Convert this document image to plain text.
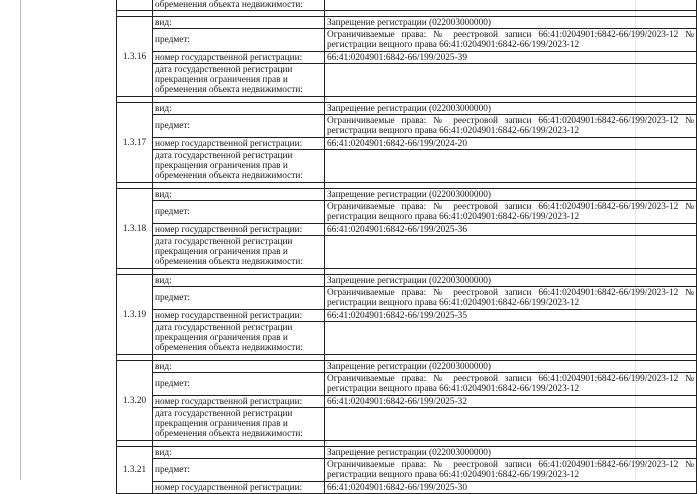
	обременения объекта недвижимости:	

1.3.16	вид:	Запрещение регистрации (022003000000)
	предмет:	Ограничиваемые права: № реестровой записи 66:41:0204901:6842-66/199/2023-12 № регистрации вещного права 66:41:0204901:6842-66/199/2023-12
	номер государственной регистрации:	66:41:0204901:6842-66/199/2025-39
	дата государственной регистрации прекращения ограничения прав и обременения объекта недвижимости:	

1.3.17	вид:	Запрещение регистрации (022003000000)
	предмет:	Ограничиваемые права: № реестровой записи 66:41:0204901:6842-66/199/2023-12 № регистрации вещного права 66:41:0204901:6842-66/199/2023-12
	номер государственной регистрации:	66:41:0204901:6842-66/199/2024-20
	дата государственной регистрации прекращения ограничения прав и обременения объекта недвижимости:	

1.3.18	вид:	Запрещение регистрации (022003000000)
	предмет:	Ограничиваемые права: № реестровой записи 66:41:0204901:6842-66/199/2023-12 № регистрации вещного права 66:41:0204901:6842-66/199/2023-12
	номер государственной регистрации:	66:41:0204901:6842-66/199/2025-36
	дата государственной регистрации прекращения ограничения прав и обременения объекта недвижимости:	

1.3.19	вид:	Запрещение регистрации (022003000000)
	предмет:	Ограничиваемые права: № реестровой записи 66:41:0204901:6842-66/199/2023-12 № регистрации вещного права 66:41:0204901:6842-66/199/2023-12
	номер государственной регистрации:	66:41:0204901:6842-66/199/2025-35
	дата государственной регистрации прекращения ограничения прав и обременения объекта недвижимости:	

1.3.20	вид:	Запрещение регистрации (022003000000)
	предмет:	Ограничиваемые права: № реестровой записи 66:41:0204901:6842-66/199/2023-12 № регистрации вещного права 66:41:0204901:6842-66/199/2023-12
	номер государственной регистрации:	66:41:0204901:6842-66/199/2025-32
	дата государственной регистрации прекращения ограничения прав и обременения объекта недвижимости:	

1.3.21	вид:	Запрещение регистрации (022003000000)
	предмет:	Ограничиваемые права: № реестровой записи 66:41:0204901:6842-66/199/2023-12 № регистрации вещного права 66:41:0204901:6842-66/199/2023-12
	номер государственной регистрации:	66:41:0204901:6842-66/199/2025-30
